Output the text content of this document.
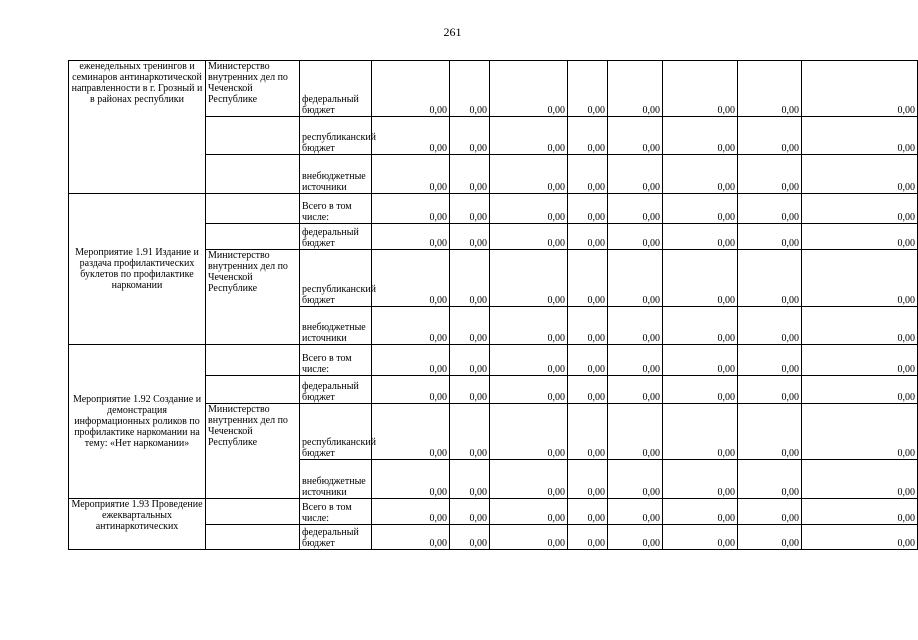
261
еженедельных тренингов и семинаров антинаркотической направленности в г. Грозный и в районах республики	Министерство внутренних дел по Чеченской Республике	федеральный бюджет	0,00	0,00	0,00	0,00	0,00	0,00	0,00	0,00
		республиканский бюджет	0,00	0,00	0,00	0,00	0,00	0,00	0,00	0,00
		внебюджетные источники	0,00	0,00	0,00	0,00	0,00	0,00	0,00	0,00
Мероприятие 1.91 Издание и раздача профилактических буклетов по профилактике наркомании		Всего в том числе:	0,00	0,00	0,00	0,00	0,00	0,00	0,00	0,00
		федеральный бюджет	0,00	0,00	0,00	0,00	0,00	0,00	0,00	0,00
	Министерство внутренних дел по Чеченской Республике	республиканский бюджет	0,00	0,00	0,00	0,00	0,00	0,00	0,00	0,00
		внебюджетные источники	0,00	0,00	0,00	0,00	0,00	0,00	0,00	0,00
Мероприятие 1.92 Создание и демонстрация информационных роликов по профилактике наркомании на тему: «Нет наркомании»		Всего в том числе:	0,00	0,00	0,00	0,00	0,00	0,00	0,00	0,00
		федеральный бюджет	0,00	0,00	0,00	0,00	0,00	0,00	0,00	0,00
	Министерство внутренних дел по Чеченской Республике	республиканский бюджет	0,00	0,00	0,00	0,00	0,00	0,00	0,00	0,00
		внебюджетные источники	0,00	0,00	0,00	0,00	0,00	0,00	0,00	0,00
Мероприятие 1.93 Проведение ежеквартальных антинаркотических		Всего в том числе:	0,00	0,00	0,00	0,00	0,00	0,00	0,00	0,00
		федеральный бюджет	0,00	0,00	0,00	0,00	0,00	0,00	0,00	0,00
